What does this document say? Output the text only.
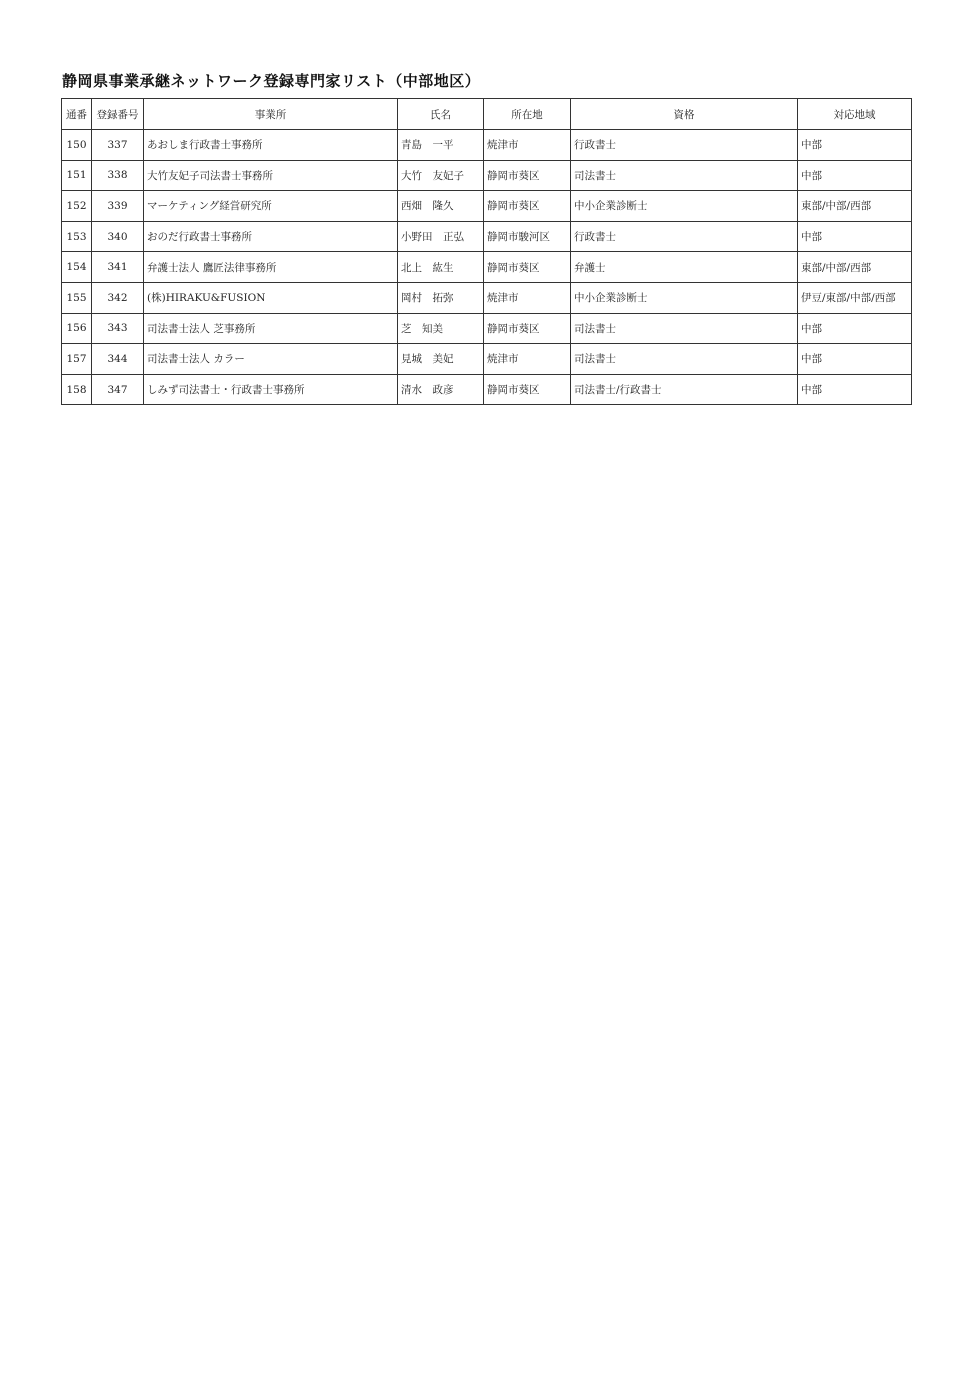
静岡県事業承継ネットワーク登録専門家リスト（中部地区）
通番	登録番号	事業所	氏名	所在地	資格	対応地域
150	337	あおしま行政書士事務所	青島　一平	焼津市	行政書士	中部
151	338	大竹友妃子司法書士事務所	大竹　友妃子	静岡市葵区	司法書士	中部
152	339	マーケティング経営研究所	西畑　隆久	静岡市葵区	中小企業診断士	東部/中部/西部
153	340	おのだ行政書士事務所	小野田　正弘	静岡市駿河区	行政書士	中部
154	341	弁護士法人 鷹匠法律事務所	北上　紘生	静岡市葵区	弁護士	東部/中部/西部
155	342	(株)HIRAKU&FUSION	岡村　拓弥	焼津市	中小企業診断士	伊豆/東部/中部/西部
156	343	司法書士法人 芝事務所	芝　知美	静岡市葵区	司法書士	中部
157	344	司法書士法人 カラー	見城　美妃	焼津市	司法書士	中部
158	347	しみず司法書士・行政書士事務所	清水　政彦	静岡市葵区	司法書士/行政書士	中部
